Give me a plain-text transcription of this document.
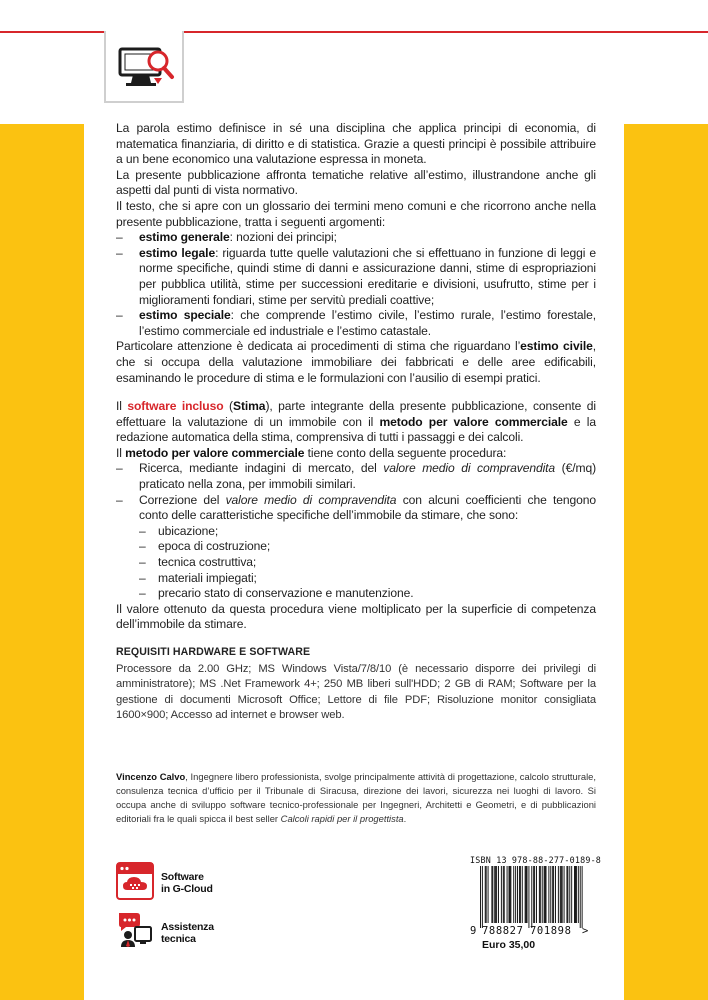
La parola estimo definisce in sé una disciplina che applica principi di economia, di matematica finanziaria, di diritto e di statistica. Grazie a questi principi è possibile attribuire a un bene economico una valutazione espressa in moneta.

La presente pubblicazione affronta tematiche relative all’estimo, illustrandone anche gli aspetti dal punti di vista normativo.

Il testo, che si apre con un glossario dei termini meno comuni e che ricorrono anche nella presente pubblicazione, tratta i seguenti argomenti:

– estimo generale: nozioni dei principi;
– estimo legale: riguarda tutte quelle valutazioni che si effettuano in funzione di leggi e norme specifiche, quindi stime di danni e assicurazione danni, stime di espropriazioni per pubblica utilità, stime per successioni ereditarie e divisioni, usufrutto, stime per i miglioramenti fondiari, stime per servitù prediali coattive;
– estimo speciale: che comprende l’estimo civile, l’estimo rurale, l’estimo forestale, l’estimo commerciale ed industriale e l’estimo catastale.

Particolare attenzione è dedicata ai procedimenti di stima che riguardano l’estimo civile, che si occupa della valutazione immobiliare dei fabbricati e delle aree edificabili, esaminando le procedure di stima e le formulazioni con l’ausilio di esempi pratici.

Il software incluso (Stima), parte integrante della presente pubblicazione, consente di effettuare la valutazione di un immobile con il metodo per valore commerciale e la redazione automatica della stima, comprensiva di tutti i passaggi e dei calcoli.

Il metodo per valore commerciale tiene conto della seguente procedura:

– Ricerca, mediante indagini di mercato, del valore medio di compravendita (€/mq) praticato nella zona, per immobili similari.
– Correzione del valore medio di compravendita con alcuni coefficienti che tengono conto delle caratteristiche specifiche dell’immobile da stimare, che sono:
– ubicazione;
– epoca di costruzione;
– tecnica costruttiva;
– materiali impiegati;
– precario stato di conservazione e manutenzione.

Il valore ottenuto da questa procedura viene moltiplicato per la superficie di competenza dell’immobile da stimare.

REQUISITI HARDWARE E SOFTWARE

Processore da 2.00 GHz; MS Windows Vista/7/8/10 (è necessario disporre dei privilegi di amministratore); MS .Net Framework 4+; 250 MB liberi sull'HDD; 2 GB di RAM; Software per la gestione di documenti Microsoft Office; Lettore di file PDF; Risoluzione monitor consigliata 1600×900; Accesso ad internet e browser web.

Vincenzo Calvo, Ingegnere libero professionista, svolge principalmente attività di progettazione, calcolo strutturale, consulenza tecnica d’ufficio per il Tribunale di Siracusa, direzione dei lavori, sicurezza nei luoghi di lavoro. Si occupa anche di sviluppo software tecnico-professionale per Ingegneri, Architetti e Geometri, e di pubblicazioni editoriali fra le quali spicca il best seller Calcoli rapidi per il progettista.
Software
in G-Cloud
Assistenza
tecnica
ISBN 13 978-88-277-0189-8
9 788827 701898 >
Euro 35,00
